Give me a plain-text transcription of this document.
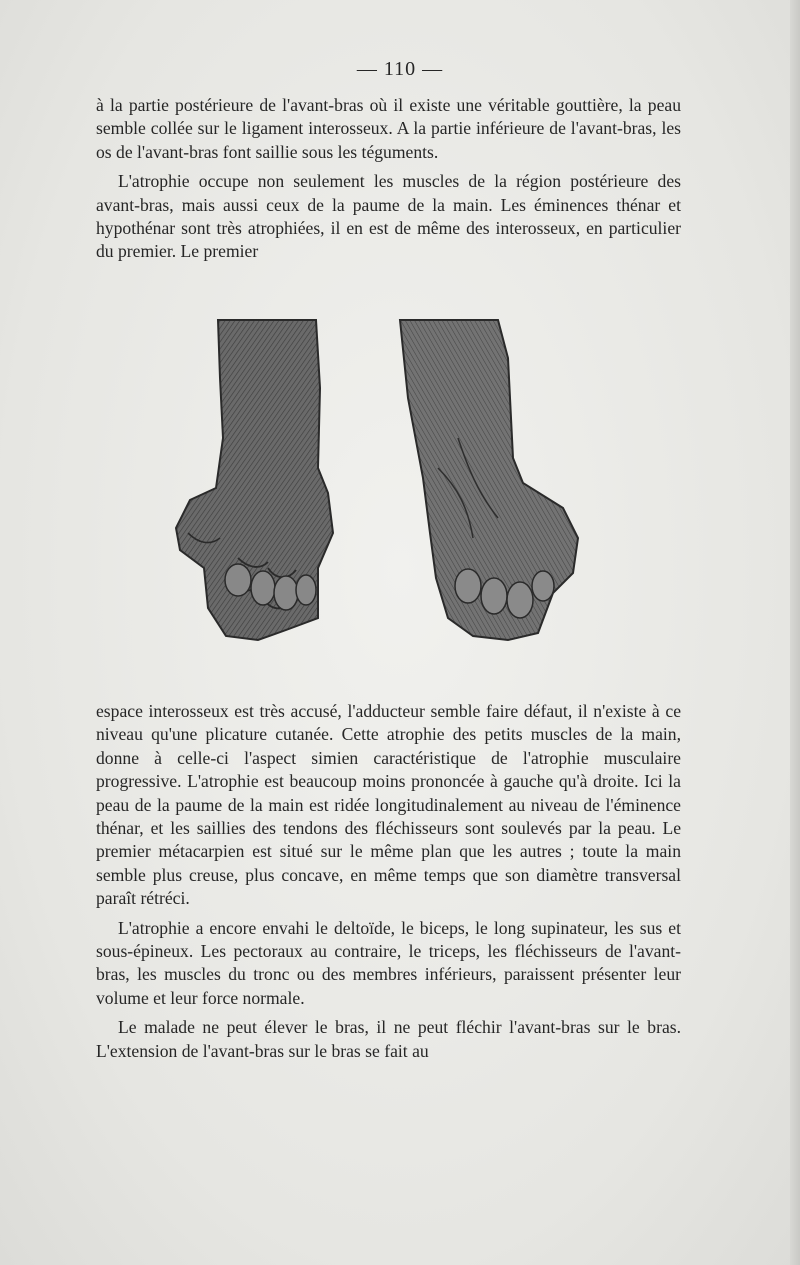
— 110 —

à la partie postérieure de l'avant-bras où il existe une véritable gouttière, la peau semble collée sur le ligament interosseux. A la partie inférieure de l'avant-bras, les os de l'avant-bras font saillie sous les téguments.

L'atrophie occupe non seulement les muscles de la région postérieure des avant-bras, mais aussi ceux de la paume de la main. Les éminences thénar et hypothénar sont très atrophiées, il en est de même des interosseux, en particulier du premier. Le premier

espace interosseux est très accusé, l'adducteur semble faire défaut, il n'existe à ce niveau qu'une plicature cutanée. Cette atrophie des petits muscles de la main, donne à celle-ci l'aspect simien caractéristique de l'atrophie musculaire progressive. L'atrophie est beaucoup moins prononcée à gauche qu'à droite. Ici la peau de la paume de la main est ridée longitudinalement au niveau de l'éminence thénar, et les saillies des tendons des fléchisseurs sont soulevés par la peau. Le premier métacarpien est situé sur le même plan que les autres ; toute la main semble plus creuse, plus concave, en même temps que son diamètre transversal paraît rétréci.

L'atrophie a encore envahi le deltoïde, le biceps, le long supinateur, les sus et sous-épineux. Les pectoraux au contraire, le triceps, les fléchisseurs de l'avant-bras, les muscles du tronc ou des membres inférieurs, paraissent présenter leur volume et leur force normale.

Le malade ne peut élever le bras, il ne peut fléchir l'avant-bras sur le bras. L'extension de l'avant-bras sur le bras se fait au
